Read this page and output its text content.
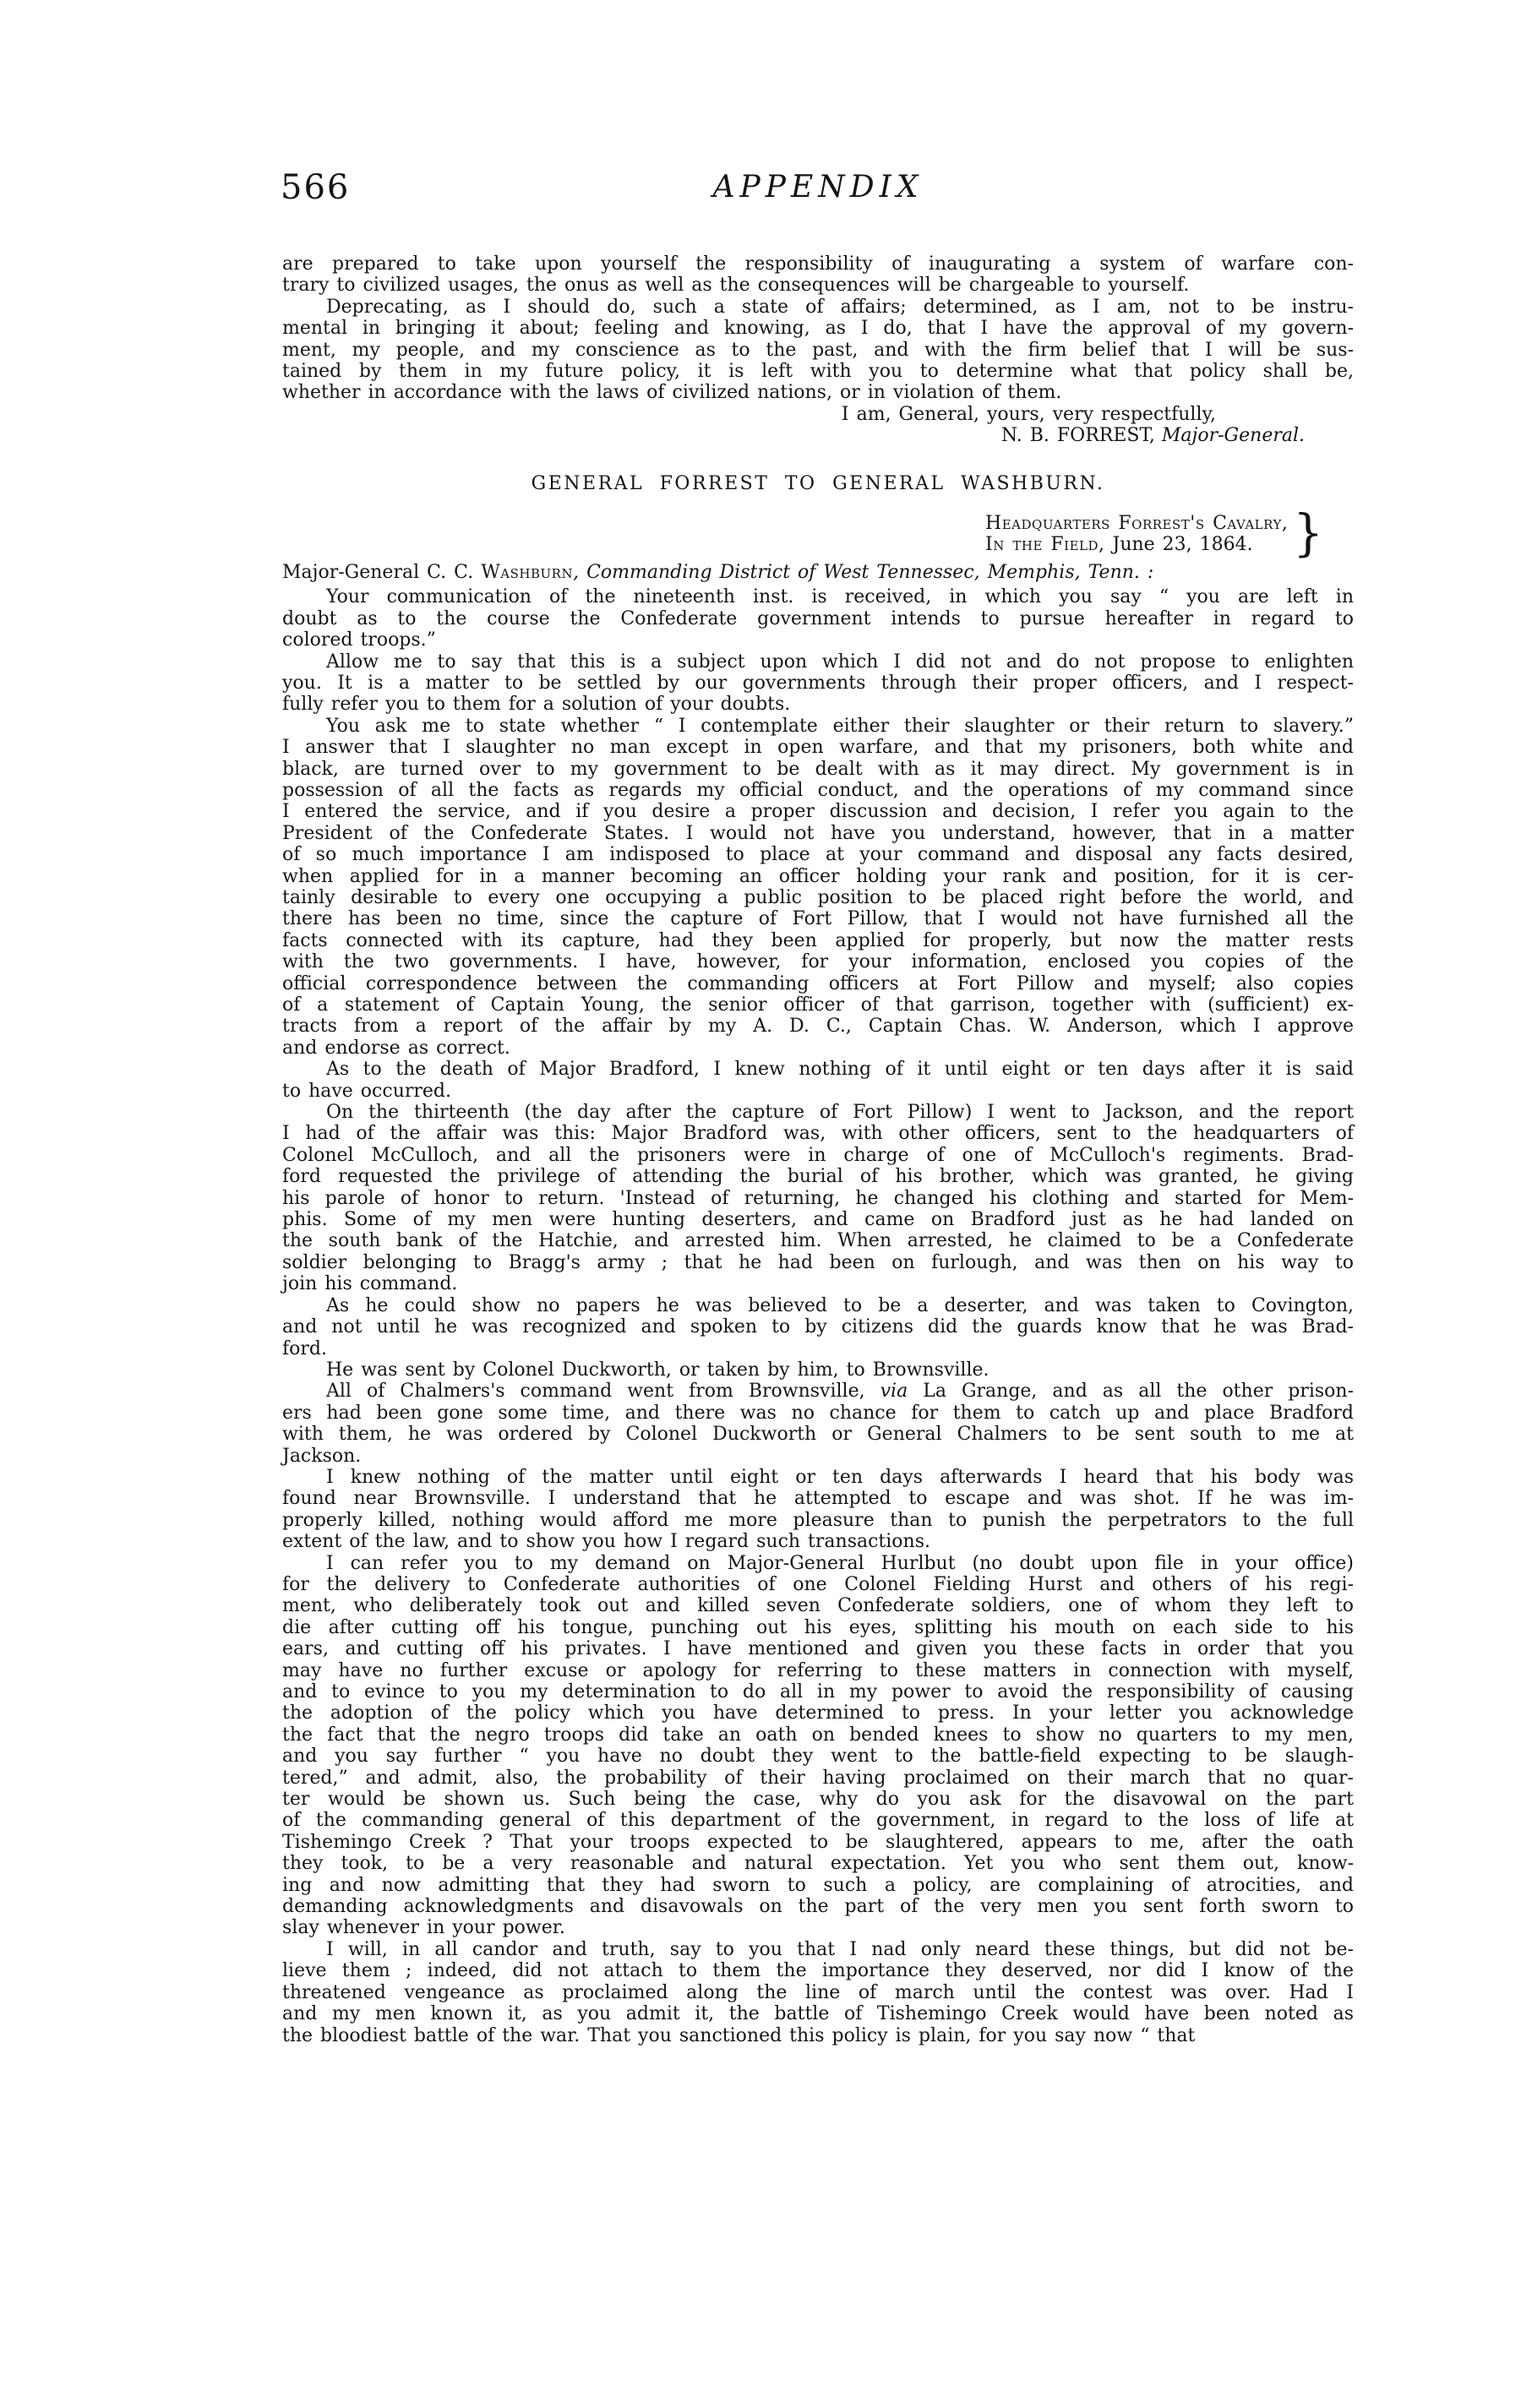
566	APPENDIX
are prepared to take upon yourself the responsibility of inaugurating a system of warfare con-
trary to civilized usages, the onus as well as the consequences will be chargeable to yourself.
Deprecating, as I should do, such a state of affairs; determined, as I am, not to be instru-
mental in bringing it about; feeling and knowing, as I do, that I have the approval of my govern-
ment, my people, and my conscience as to the past, and with the firm belief that I will be sus-
tained by them in my future policy, it is left with you to determine what that policy shall be,
whether in accordance with the laws of civilized nations, or in violation of them.
I am, General, yours, very respectfully,
N. B. FORREST, Major-General.
GENERAL FORREST TO GENERAL WASHBURN.
Headquarters Forrest's Cavalry,
In the Field, June 23, 1864. }
Major-General C. C. Washburn, Commanding District of West Tennessec, Memphis, Tenn. :
Your communication of the nineteenth inst. is received, in which you say “ you are left in
doubt as to the course the Confederate government intends to pursue hereafter in regard to
colored troops.”
Allow me to say that this is a subject upon which I did not and do not propose to enlighten
you. It is a matter to be settled by our governments through their proper officers, and I respect-
fully refer you to them for a solution of your doubts.
You ask me to state whether “ I contemplate either their slaughter or their return to slavery.”
I answer that I slaughter no man except in open warfare, and that my prisoners, both white and
black, are turned over to my government to be dealt with as it may direct. My government is in
possession of all the facts as regards my official conduct, and the operations of my command since
I entered the service, and if you desire a proper discussion and decision, I refer you again to the
President of the Confederate States. I would not have you understand, however, that in a matter
of so much importance I am indisposed to place at your command and disposal any facts desired,
when applied for in a manner becoming an officer holding your rank and position, for it is cer-
tainly desirable to every one occupying a public position to be placed right before the world, and
there has been no time, since the capture of Fort Pillow, that I would not have furnished all the
facts connected with its capture, had they been applied for properly, but now the matter rests
with the two governments. I have, however, for your information, enclosed you copies of the
official correspondence between the commanding officers at Fort Pillow and myself; also copies
of a statement of Captain Young, the senior officer of that garrison, together with (sufficient) ex-
tracts from a report of the affair by my A. D. C., Captain Chas. W. Anderson, which I approve
and endorse as correct.
As to the death of Major Bradford, I knew nothing of it until eight or ten days after it is said
to have occurred.
On the thirteenth (the day after the capture of Fort Pillow) I went to Jackson, and the report
I had of the affair was this: Major Bradford was, with other officers, sent to the headquarters of
Colonel McCulloch, and all the prisoners were in charge of one of McCulloch's regiments. Brad-
ford requested the privilege of attending the burial of his brother, which was granted, he giving
his parole of honor to return. 'Instead of returning, he changed his clothing and started for Mem-
phis. Some of my men were hunting deserters, and came on Bradford just as he had landed on
the south bank of the Hatchie, and arrested him. When arrested, he claimed to be a Confederate
soldier belonging to Bragg's army ; that he had been on furlough, and was then on his way to
join his command.
As he could show no papers he was believed to be a deserter, and was taken to Covington,
and not until he was recognized and spoken to by citizens did the guards know that he was Brad-
ford.
He was sent by Colonel Duckworth, or taken by him, to Brownsville.
All of Chalmers's command went from Brownsville, via La Grange, and as all the other prison-
ers had been gone some time, and there was no chance for them to catch up and place Bradford
with them, he was ordered by Colonel Duckworth or General Chalmers to be sent south to me at
Jackson.
I knew nothing of the matter until eight or ten days afterwards I heard that his body was
found near Brownsville. I understand that he attempted to escape and was shot. If he was im-
properly killed, nothing would afford me more pleasure than to punish the perpetrators to the full
extent of the law, and to show you how I regard such transactions.
I can refer you to my demand on Major-General Hurlbut (no doubt upon file in your office)
for the delivery to Confederate authorities of one Colonel Fielding Hurst and others of his regi-
ment, who deliberately took out and killed seven Confederate soldiers, one of whom they left to
die after cutting off his tongue, punching out his eyes, splitting his mouth on each side to his
ears, and cutting off his privates. I have mentioned and given you these facts in order that you
may have no further excuse or apology for referring to these matters in connection with myself,
and to evince to you my determination to do all in my power to avoid the responsibility of causing
the adoption of the policy which you have determined to press. In your letter you acknowledge
the fact that the negro troops did take an oath on bended knees to show no quarters to my men,
and you say further “ you have no doubt they went to the battle-field expecting to be slaugh-
tered,” and admit, also, the probability of their having proclaimed on their march that no quar-
ter would be shown us. Such being the case, why do you ask for the disavowal on the part
of the commanding general of this department of the government, in regard to the loss of life at
Tishemingo Creek ? That your troops expected to be slaughtered, appears to me, after the oath
they took, to be a very reasonable and natural expectation. Yet you who sent them out, know-
ing and now admitting that they had sworn to such a policy, are complaining of atrocities, and
demanding acknowledgments and disavowals on the part of the very men you sent forth sworn to
slay whenever in your power.
I will, in all candor and truth, say to you that I nad only neard these things, but did not be-
lieve them ; indeed, did not attach to them the importance they deserved, nor did I know of the
threatened vengeance as proclaimed along the line of march until the contest was over. Had I
and my men known it, as you admit it, the battle of Tishemingo Creek would have been noted as
the bloodiest battle of the war. That you sanctioned this policy is plain, for you say now “ that
